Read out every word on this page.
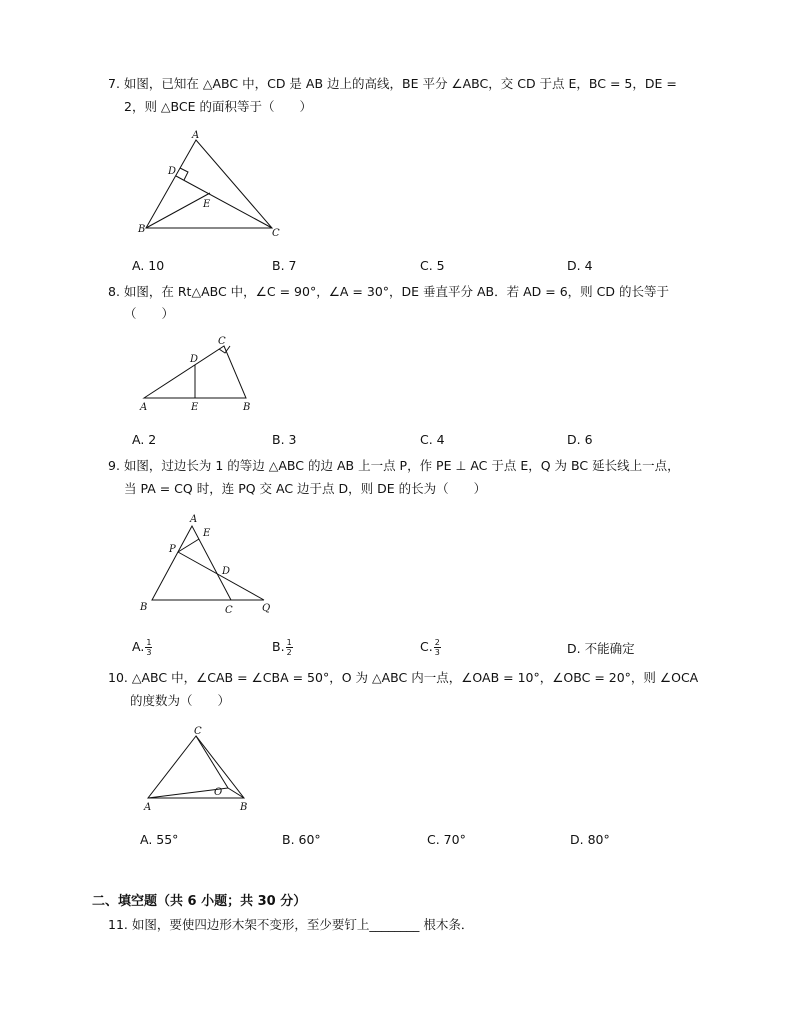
7. 如图，已知在 △ABC 中，CD 是 AB 边上的高线，BE 平分 ∠ABC，交 CD 于点 E，BC = 5，DE =
2，则 △BCE 的面积等于（　　）
A
D
E
B	C
A. 10	B. 7	C. 5	D. 4
8. 如图，在 Rt△ABC 中，∠C = 90°，∠A = 30°，DE 垂直平分 AB．若 AD = 6，则 CD 的长等于
（　　）
C
D
A	E	B
A. 2	B. 3	C. 4	D. 6
9. 如图，过边长为 1 的等边 △ABC 的边 AB 上一点 P，作 PE ⊥ AC 于点 E，Q 为 BC 延长线上一点，
当 PA = CQ 时，连 PQ 交 AC 边于点 D，则 DE 的长为（　　）
A
E
P
D
B	C	Q
A. $\frac{1}{3}$	B. $\frac{1}{2}$	C. $\frac{2}{3}$	D. 不能确定
10. △ABC 中，∠CAB = ∠CBA = 50°，O 为 △ABC 内一点，∠OAB = 10°，∠OBC = 20°，则 ∠OCA
的度数为（　　）
C
O
A	B
A. 55°	B. 60°	C. 70°	D. 80°
二、填空题（共 6 小题；共 30 分）
11. 如图，要使四边形木架不变形，至少要钉上________ 根木条．
